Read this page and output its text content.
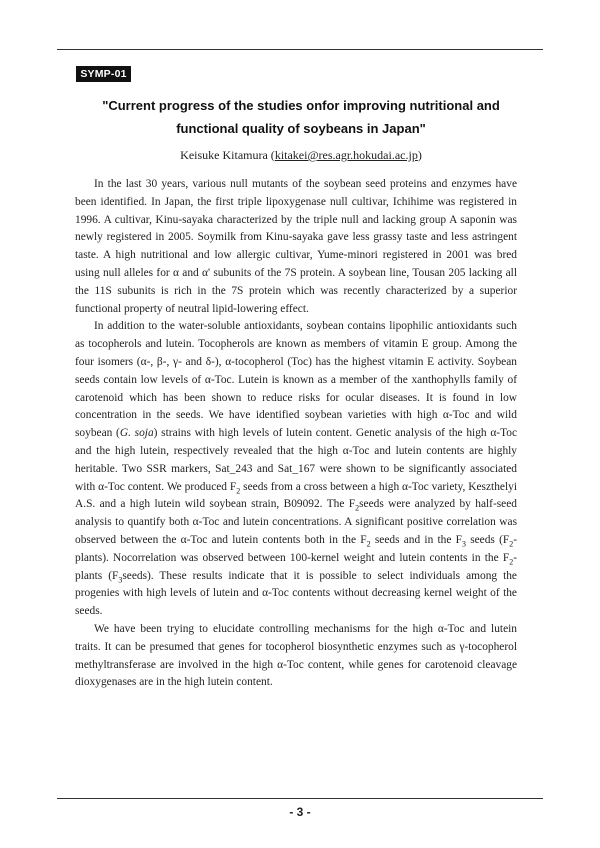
SYMP-01
"Current progress of the studies onfor improving nutritional and
functional quality of soybeans in Japan"
Keisuke Kitamura (kitakei@res.agr.hokudai.ac.jp)

In the last 30 years, various null mutants of the soybean seed proteins and enzymes have been identified. In Japan, the first triple lipoxygenase null cultivar, Ichihime was registered in 1996. A cultivar, Kinu-sayaka characterized by the triple null and lacking group A saponin was newly registered in 2005. Soymilk from Kinu-sayaka gave less grassy taste and less astringent taste. A high nutritional and low allergic cultivar, Yume-minori registered in 2001 was bred using null alleles for α and α' subunits of the 7S protein. A soybean line, Tousan 205 lacking all the 11S subunits is rich in the 7S protein which was recently characterized by a superior functional property of neutral lipid-lowering effect.

In addition to the water-soluble antioxidants, soybean contains lipophilic antioxidants such as tocopherols and lutein. Tocopherols are known as members of vitamin E group. Among the four isomers (α-, β-, γ- and δ-), α-tocopherol (Toc) has the highest vitamin E activity. Soybean seeds contain low levels of α-Toc. Lutein is known as a member of the xanthophylls family of carotenoid which has been shown to reduce risks for ocular diseases. It is found in low concentration in the seeds. We have identified soybean varieties with high α-Toc and wild soybean (G. soja) strains with high levels of lutein content. Genetic analysis of the high α-Toc and the high lutein, respectively revealed that the high α-Toc and lutein contents are highly heritable. Two SSR markers, Sat_243 and Sat_167 were shown to be significantly associated with α-Toc content. We produced $F_2$ seeds from a cross between a high α-Toc variety, Keszthelyi A.S. and a high lutein wild soybean strain, B09092. The $F_2seeds$ were analyzed by half-seed analysis to quantify both α-Toc and lutein concentrations. A significant positive correlation was observed between the α-Toc and lutein contents both in the $F_2$ seeds and in the $F_3$ seeds $(F_2-plants)$. Nocorrelation was observed between 100-kernel weight and lutein contents in the $F_2$-plants $(F_3seeds)$. These results indicate that it is possible to select individuals among the progenies with high levels of lutein and α-Toc contents without decreasing kernel weight of the seeds.

We have been trying to elucidate controlling mechanisms for the high α-Toc and lutein traits. It can be presumed that genes for tocopherol biosynthetic enzymes such as γ-tocopherol methyltransferase are involved in the high α-Toc content, while genes for carotenoid cleavage dioxygenases are in the high lutein content.

- 3 -
